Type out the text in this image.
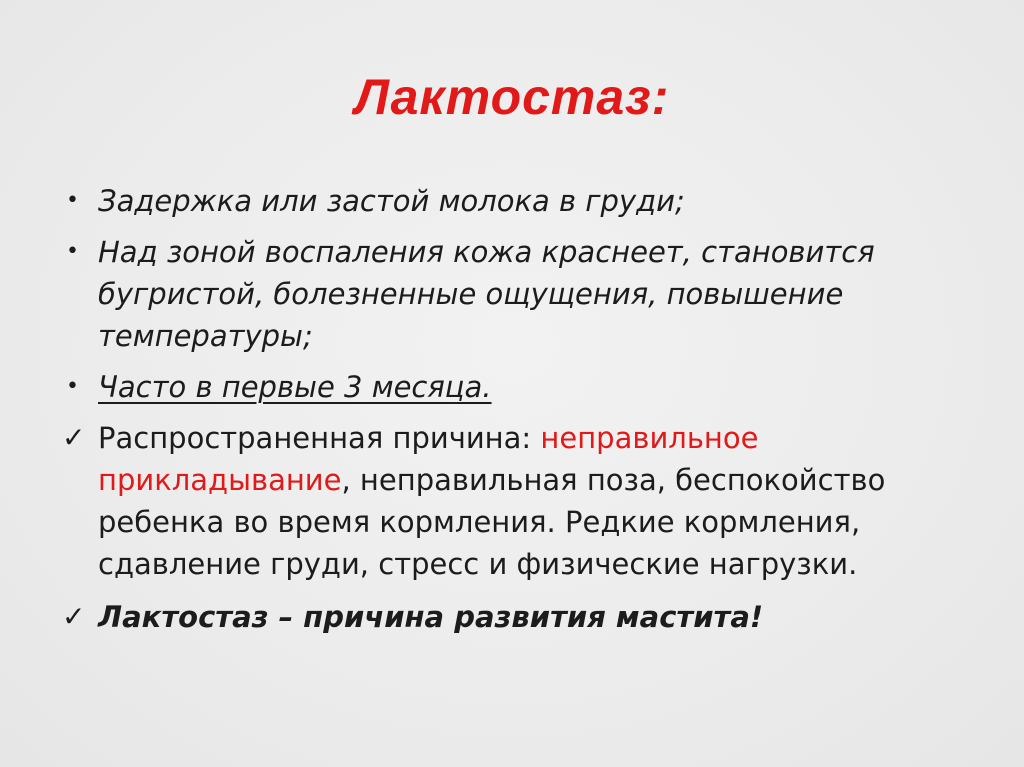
Лактостаз:
• Задержка или застой молока в груди;
• Над зоной воспаления кожа краснеет, становится бугристой, болезненные ощущения, повышение температуры;
• Часто в первые 3 месяца.
✓ Распространенная причина: неправильное прикладывание, неправильная поза, беспокойство ребенка во время кормления. Редкие кормления, сдавление груди, стресс и физические нагрузки.
✓ Лактостаз – причина развития мастита!
